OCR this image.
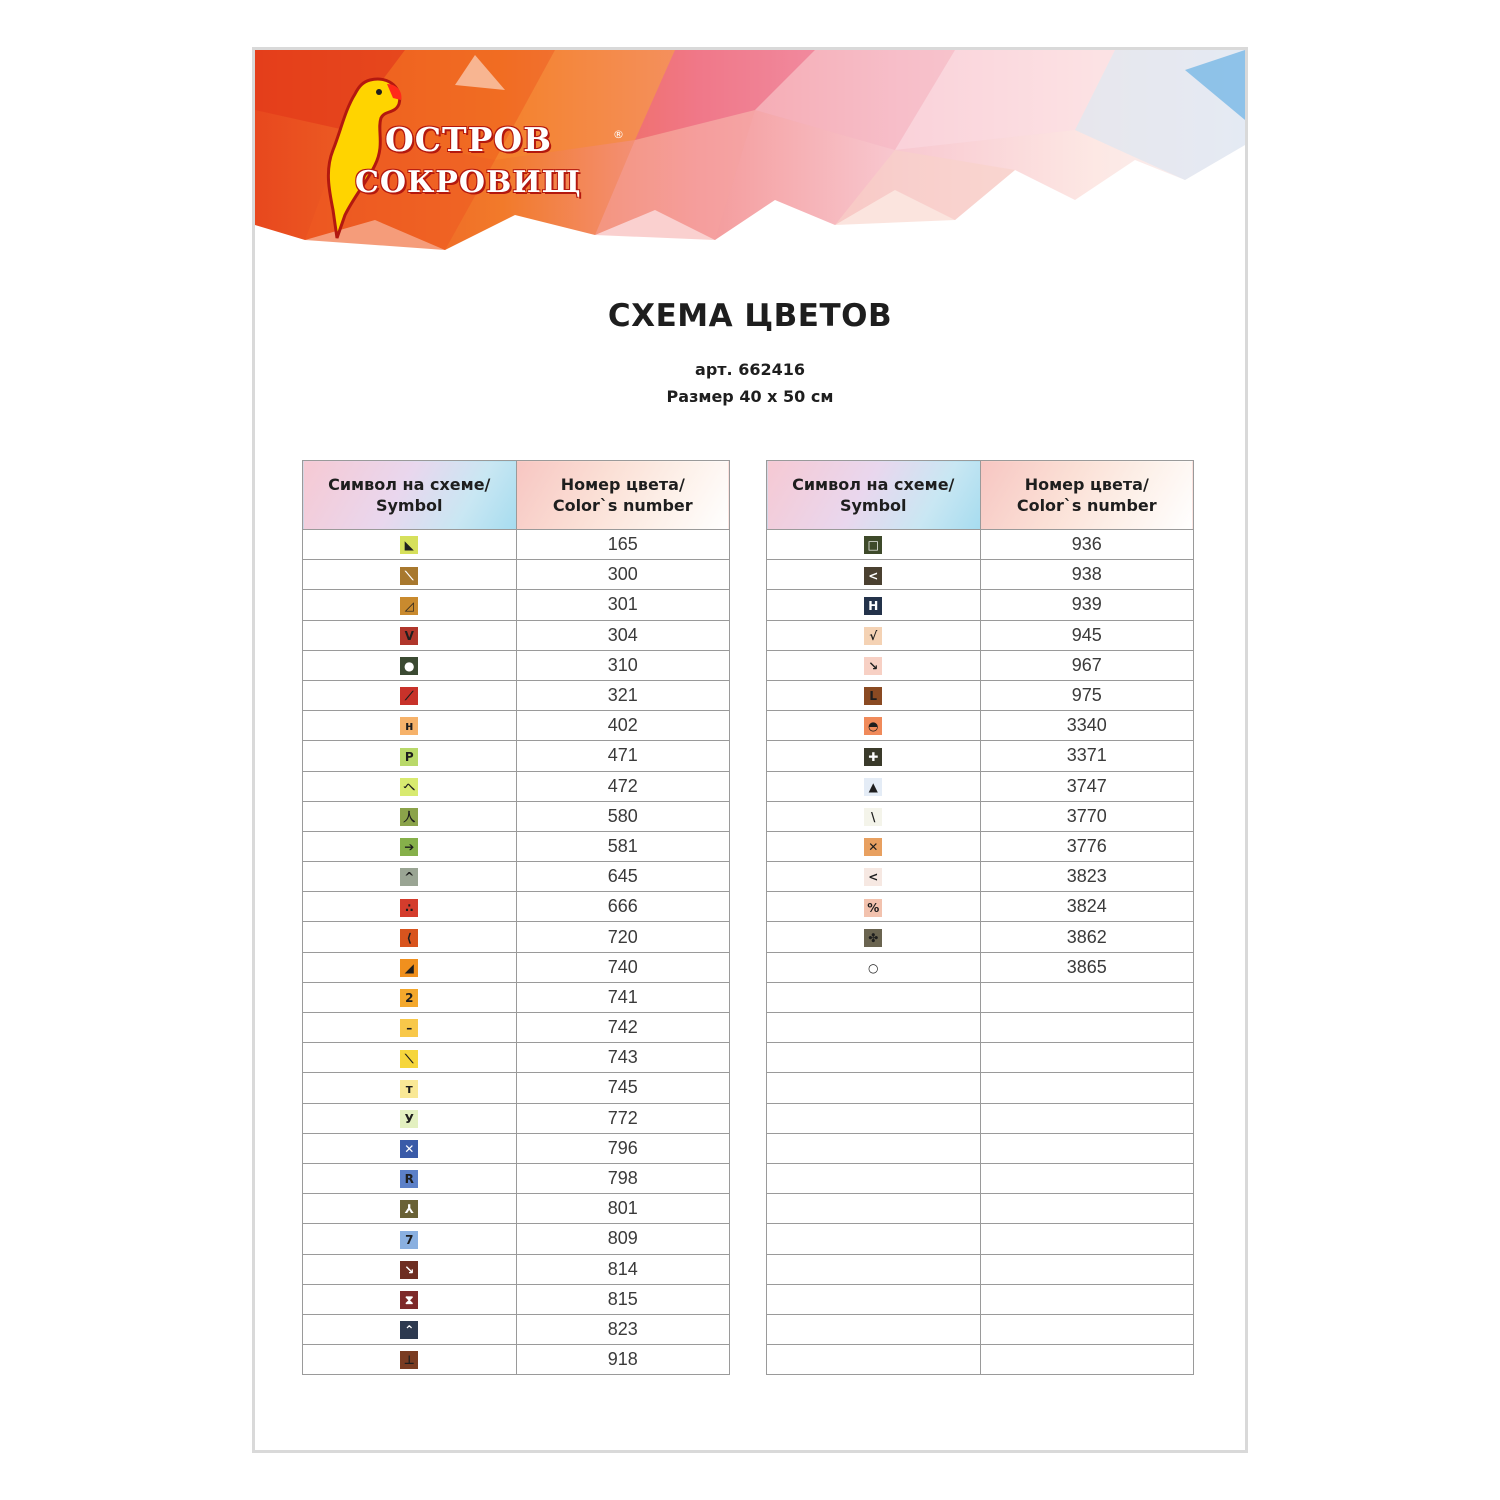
ОСТРОВ
СОКРОВИЩ
®
СХЕМА ЦВЕТОВ
арт. 662416
Размер 40 x 50 см
Символ на схеме/
Symbol	Номер цвета/
Color`s number
◣	165
⟍	300
◿	301
V	304
●	310
⟋	321
н	402
P	471
ヘ	472
人	580
➔	581
^	645
∴	666
⟨	720
◢	740
2	741
–	742
⟍	743
т	745
У	772
✕	796
R	798
⅄	801
7	809
↘	814
⧗	815
⌃	823
⊥	918
Символ на схеме/
Symbol	Номер цвета/
Color`s number
□	936
<	938
H	939
√	945
↘	967
L	975
◓	3340
✚	3371
▲	3747
\	3770
✕	3776
<	3823
%	3824
✤	3862
○	3865
